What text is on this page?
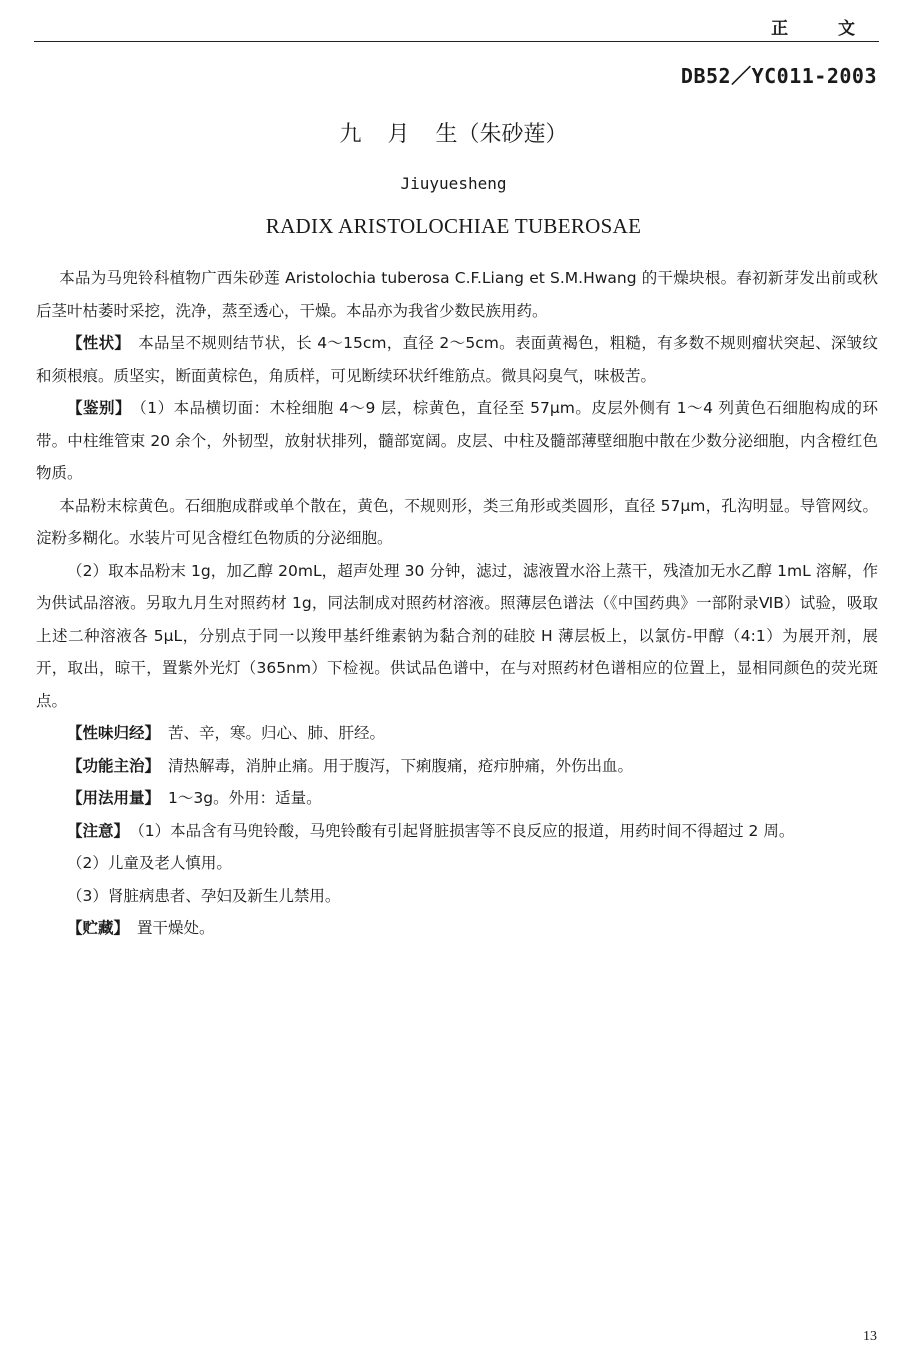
正 文
DB52／YC011-2003
九 月 生（朱砂莲）
Jiuyuesheng
RADIX ARISTOLOCHIAE TUBEROSAE

本品为马兜铃科植物广西朱砂莲 Aristolochia tuberosa C.F.Liang et S.M.Hwang 的干燥块根。春初新芽发出前或秋后茎叶枯萎时采挖，洗净，蒸至透心，干燥。本品亦为我省少数民族用药。

【性状】 本品呈不规则结节状，长 4～15cm，直径 2～5cm。表面黄褐色，粗糙，有多数不规则瘤状突起、深皱纹和须根痕。质坚实，断面黄棕色，角质样，可见断续环状纤维筋点。微具闷臭气，味极苦。

【鉴别】 （1）本品横切面：木栓细胞 4～9 层，棕黄色，直径至 57μm。皮层外侧有 1～4 列黄色石细胞构成的环带。中柱维管束 20 余个，外韧型，放射状排列，髓部宽阔。皮层、中柱及髓部薄壁细胞中散在少数分泌细胞，内含橙红色物质。

本品粉末棕黄色。石细胞成群或单个散在，黄色，不规则形，类三角形或类圆形，直径 57μm，孔沟明显。导管网纹。淀粉多糊化。水装片可见含橙红色物质的分泌细胞。

（2）取本品粉末 1g，加乙醇 20mL，超声处理 30 分钟，滤过，滤液置水浴上蒸干，残渣加无水乙醇 1mL 溶解，作为供试品溶液。另取九月生对照药材 1g，同法制成对照药材溶液。照薄层色谱法（《中国药典》一部附录ⅥB）试验，吸取上述二种溶液各 5μL，分别点于同一以羧甲基纤维素钠为黏合剂的硅胶 H 薄层板上，以氯仿-甲醇（4:1）为展开剂，展开，取出，晾干，置紫外光灯（365nm）下检视。供试品色谱中，在与对照药材色谱相应的位置上，显相同颜色的荧光斑点。

【性味归经】 苦、辛，寒。归心、肺、肝经。

【功能主治】 清热解毒，消肿止痛。用于腹泻，下痢腹痛，疮疖肿痛，外伤出血。

【用法用量】 1～3g。外用：适量。

【注意】 （1）本品含有马兜铃酸，马兜铃酸有引起肾脏损害等不良反应的报道，用药时间不得超过 2 周。

（2）儿童及老人慎用。

（3）肾脏病患者、孕妇及新生儿禁用。

【贮藏】 置干燥处。

13
